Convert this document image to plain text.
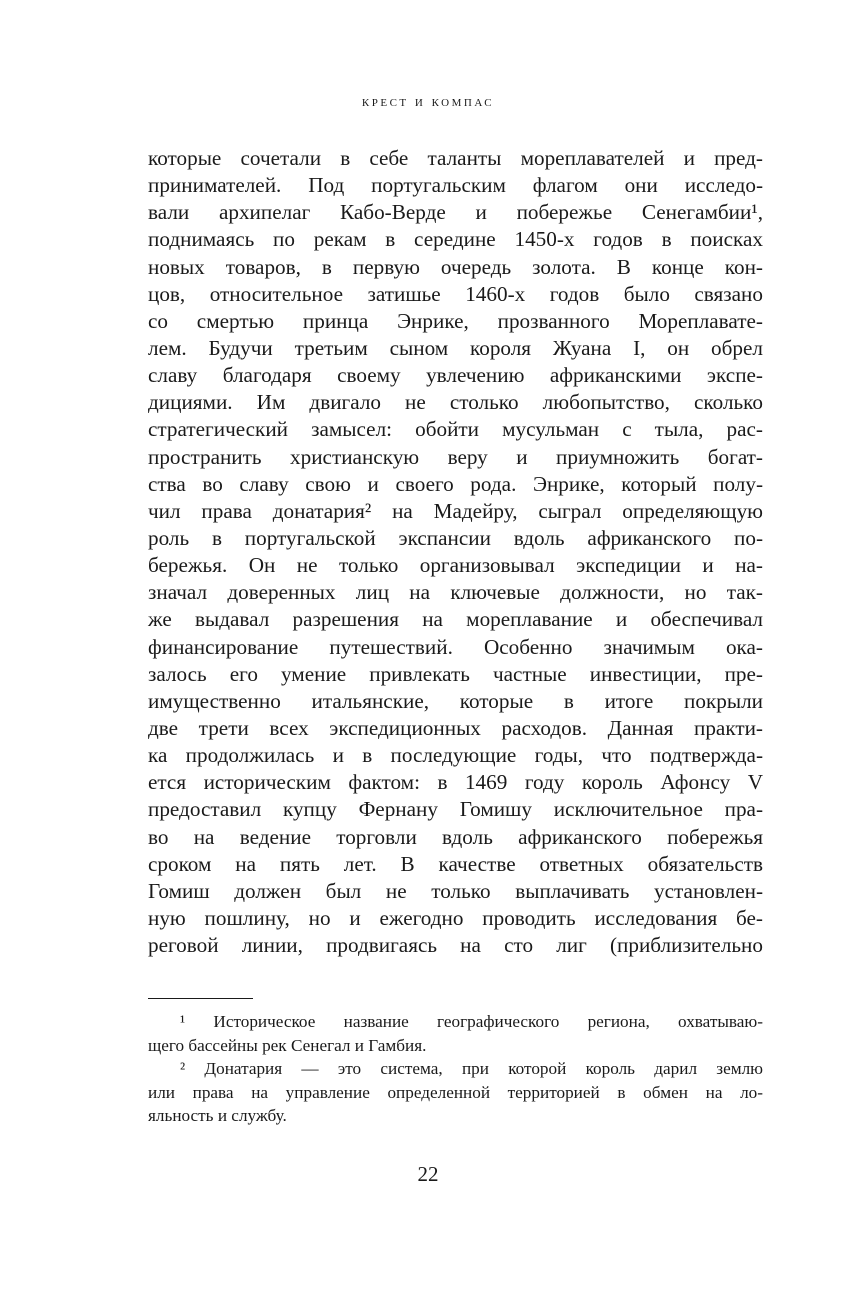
крест и компас
которые сочетали в себе таланты мореплавателей и пред-
принимателей. Под португальским флагом они исследо-
вали архипелаг Кабо-Верде и побережье Сенегамбии¹,
поднимаясь по рекам в середине 1450-х годов в поисках
новых товаров, в первую очередь золота. В конце кон-
цов, относительное затишье 1460-х годов было связано
со смертью принца Энрике, прозванного Мореплавате-
лем. Будучи третьим сыном короля Жуана I, он обрел
славу благодаря своему увлечению африканскими экспе-
дициями. Им двигало не столько любопытство, сколько
стратегический замысел: обойти мусульман с тыла, рас-
пространить христианскую веру и приумножить богат-
ства во славу свою и своего рода. Энрике, который полу-
чил права донатария² на Мадейру, сыграл определяющую
роль в португальской экспансии вдоль африканского по-
бережья. Он не только организовывал экспедиции и на-
значал доверенных лиц на ключевые должности, но так-
же выдавал разрешения на мореплавание и обеспечивал
финансирование путешествий. Особенно значимым ока-
залось его умение привлекать частные инвестиции, пре-
имущественно итальянские, которые в итоге покрыли
две трети всех экспедиционных расходов. Данная практи-
ка продолжилась и в последующие годы, что подтвержда-
ется историческим фактом: в 1469 году король Афонсу V
предоставил купцу Фернану Гомишу исключительное пра-
во на ведение торговли вдоль африканского побережья
сроком на пять лет. В качестве ответных обязательств
Гомиш должен был не только выплачивать установлен-
ную пошлину, но и ежегодно проводить исследования бе-
реговой линии, продвигаясь на сто лиг (приблизительно
¹ Историческое название географического региона, охватываю-
щего бассейны рек Сенегал и Гамбия.
² Донатария — это система, при которой король дарил землю
или права на управление определенной территорией в обмен на ло-
яльность и службу.
22
